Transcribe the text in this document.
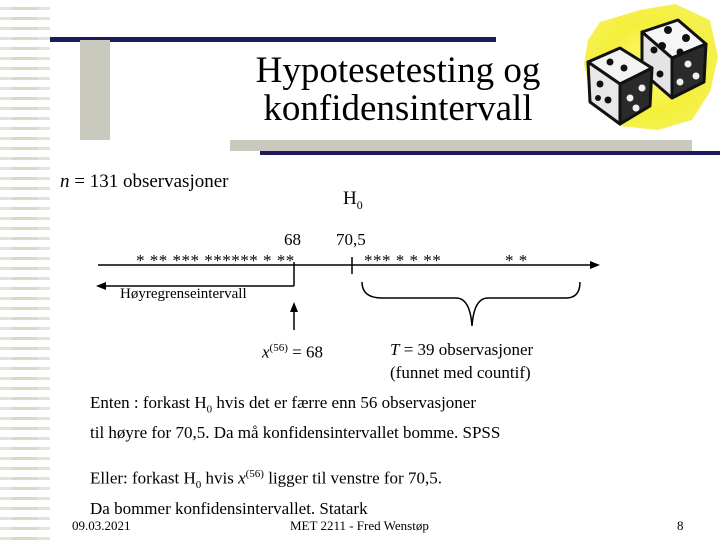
Hypotesetesting og
konfidensintervall
n = 131 observasjoner
$H_0$
68 70,5
* ** *** ****** * **	*** * * **	* *
Høyregrenseintervall
$x^{(56)} = 68$	T = 39 observasjoner
(funnet med countif)
Enten : forkast $H_0$ hvis det er færre enn 56 observasjoner
til høyre for 70,5. Da må konfidensintervallet bomme. SPSS
Eller: forkast $H_0$ hvis $x^{(56)}$ ligger til venstre for 70,5.
Da bommer konfidensintervallet. Statark
09.03.2021	MET 2211 - Fred Wenstøp	8
